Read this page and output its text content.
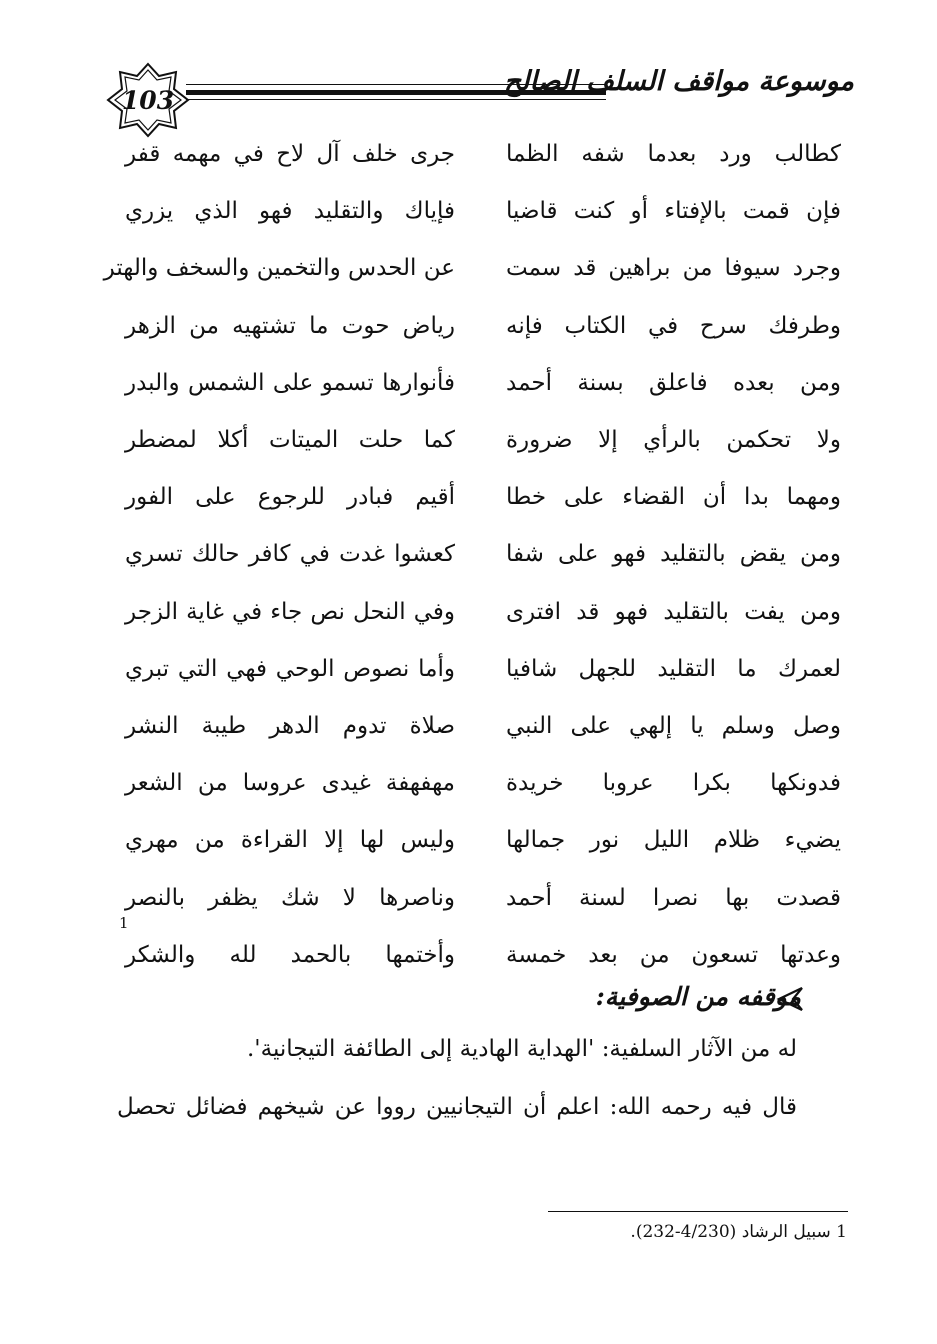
103
موسوعة مواقف السلف الصالح
كطالب ورد بعدما شفه الظما
جرى خلف آل لاح في مهمه قفر
فإن قمت بالإفتاء أو كنت قاضيا
فإياك والتقليد فهو الذي يزري
وجرد سيوفا من براهين قد سمت
عن الحدس والتخمين والسخف والهتر
وطرفك سرح في الكتاب فإنه
رياض حوت ما تشتهيه من الزهر
ومن بعده فاعلق بسنة أحمد
فأنوارها تسمو على الشمس والبدر
ولا تحكمن بالرأي إلا ضرورة
كما حلت الميتات أكلا لمضطر
ومهما بدا أن القضاء على خطا
أقيم فبادر للرجوع على الفور
ومن يقض بالتقليد فهو على شفا
كعشوا غدت في كافر حالك تسري
ومن يفت بالتقليد فهو قد افترى
وفي النحل نص جاء في غاية الزجر
لعمرك ما التقليد للجهل شافيا
وأما نصوص الوحي فهي التي تبري
وصل وسلم يا إلهي على النبي
صلاة تدوم الدهر طيبة النشر
فدونكها بكرا عروبا خريدة
مهفهفة غيدى عروسا من الشعر
يضيء ظلام الليل نور جمالها
وليس لها إلا القراءة من مهري
قصدت بها نصرا لسنة أحمد
وناصرها لا شك يظفر بالنصر
وعدتها تسعون من بعد خمسة
وأختمها بالحمد لله والشكر
1
موقفه من الصوفية:
له من الآثار السلفية: 'الهداية الهادية إلى الطائفة التيجانية'.
قال فيه رحمه الله: اعلم أن التيجانيين رووا عن شيخهم فضائل تحصل
1 سبيل الرشاد (4/230-232).
